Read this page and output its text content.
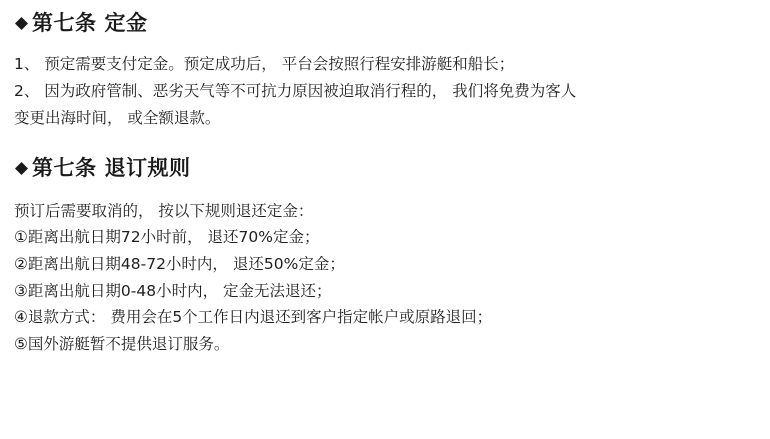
第七条 定金

1、 预定需要支付定金。预定成功后， 平台会按照行程安排游艇和船长；

2、 因为政府管制、恶劣天气等不可抗力原因被迫取消行程的， 我们将免费为客人

变更出海时间， 或全额退款。

第七条 退订规则

预订后需要取消的， 按以下规则退还定金：

①距离出航日期72小时前， 退还70%定金；

②距离出航日期48-72小时内， 退还50%定金；

③距离出航日期0-48小时内， 定金无法退还；

④退款方式： 费用会在5个工作日内退还到客户指定帐户或原路退回；

⑤国外游艇暂不提供退订服务。
